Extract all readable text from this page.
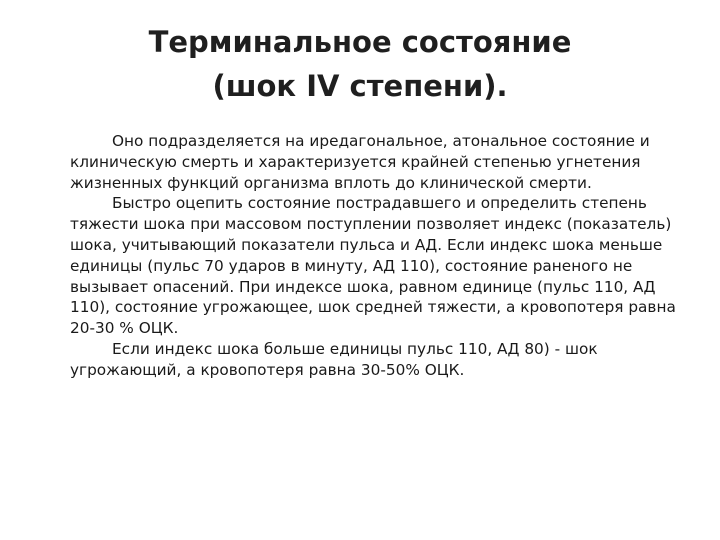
Терминальное состояние
(шок IV степени).

Оно подразделяется на иредагональное, атональное состояние и клиническую смерть и характеризуется крайней степенью угнетения жизненных функций организма вплоть до клинической смерти.

Быстро оцепить состояние пострадавшего и определить степень тяжести шока при массовом поступлении позволяет индекс (показатель) шока, учитывающий показатели пульса и АД. Если индекс шока меньше единицы (пульс 70 ударов в минуту, АД 110), состояние раненого не вызывает опасений. При индексе шока, равном единице (пульс 110, АД 110), состояние угрожающее, шок средней тяжести, а кровопотеря равна 20-30 % ОЦК.

Если индекс шока больше единицы пульс 110, АД 80) - шок угрожающий, а кровопотеря равна 30-50% ОЦК.
